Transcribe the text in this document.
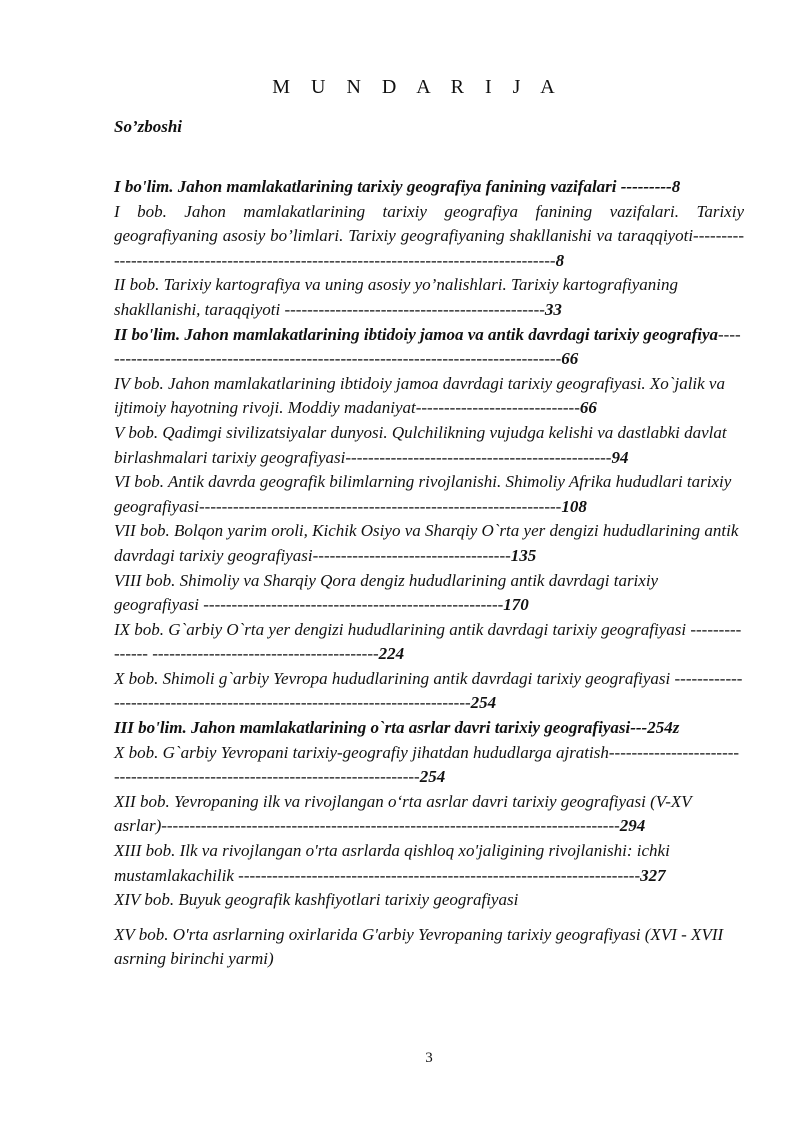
M U N D A R I J A
So’zboshi

I bo'lim. Jahon mamlakatlarining tarixiy geografiya fanining vazifalari ---------8

I bob. Jahon mamlakatlarining tarixiy geografiya fanining vazifalari. Tarixiy geografiyaning asosiy bo’limlari. Tarixiy geografiyaning shakllanishi va taraqqiyoti---------------------------------------------------------------------------------------8

II bob. Tarixiy kartografiya va uning asosiy yo’nalishlari. Tarixiy kartografiyaning shakllanishi, taraqqiyoti ----------------------------------------------33

II bo'lim. Jahon mamlakatlarining ibtidoiy jamoa va antik davrdagi tarixiy geografiya-----------------------------------------------------------------------------------66

IV bob. Jahon mamlakatlarining ibtidoiy jamoa davrdagi tarixiy geografiyasi. Xo`jalik va ijtimoiy hayotning rivoji. Moddiy madaniyat-----------------------------66

V bob. Qadimgi sivilizatsiyalar dunyosi. Qulchilikning vujudga kelishi va dastlabki davlat birlashmalari tarixiy geografiyasi-----------------------------------------------94

VI bob. Antik davrda geografik bilimlarning rivojlanishi. Shimoliy Afrika hududlari tarixiy geografiyasi----------------------------------------------------------------108

VII bob. Bolqon yarim oroli, Kichik Osiyo va Sharqiy O`rta yer dengizi hududlarining antik davrdagi tarixiy geografiyasi-----------------------------------135

VIII bob. Shimoliy va Sharqiy Qora dengiz hududlarining antik davrdagi tarixiy geografiyasi -----------------------------------------------------170

IX bob. G`arbiy O`rta yer dengizi hududlarining antik davrdagi tarixiy geografiyasi --------------- ----------------------------------------224

X bob. Shimoli g`arbiy Yevropa hududlarining antik davrdagi tarixiy geografiyasi ---------------------------------------------------------------------------254

III bo'lim. Jahon mamlakatlarining o`rta asrlar davri tarixiy geografiyasi---254z

X bob. G`arbiy Yevropani tarixiy-geografiy jihatdan hududlarga ajratish-----------------------------------------------------------------------------254

XII bob. Yevropaning ilk va rivojlangan o‘rta asrlar davri tarixiy geografiyasi (V-XV asrlar)---------------------------------------------------------------------------------294

XIII bob. Ilk va rivojlangan o'rta asrlarda qishloq xo'jaligining rivojlanishi: ichki mustamlakachilik -----------------------------------------------------------------------327

XIV bob. Buyuk geografik kashfiyotlari tarixiy geografiyasi

XV bob. O'rta asrlarning oxirlarida G'arbiy Yevropaning tarixiy geografiyasi (XVI - XVII asrning birinchi yarmi)

3
